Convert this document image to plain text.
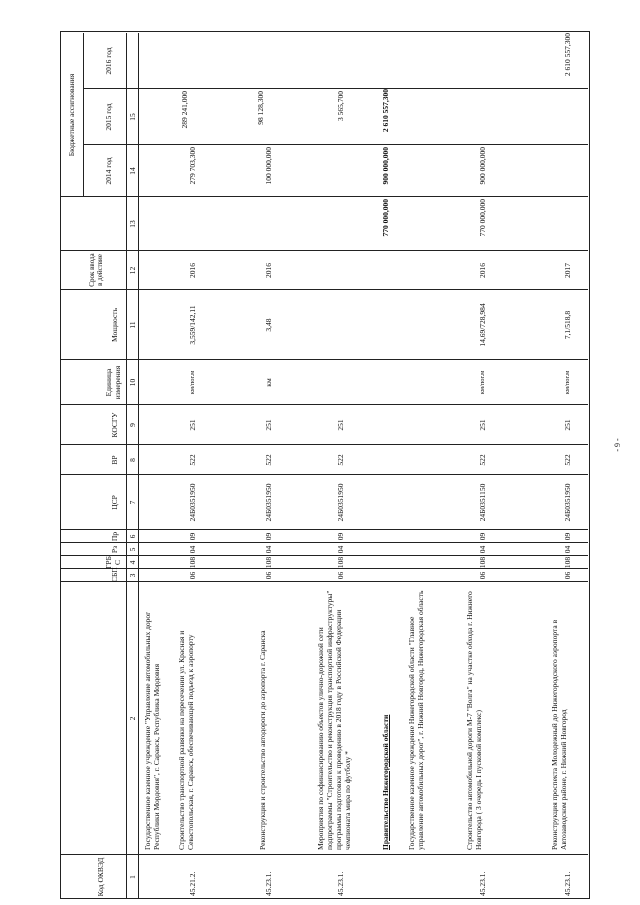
Код ОКВЭД
СБП
ГРБ С
Рз
Пр
ЦСР
ВР
КОСГУ
Единица измерения
Мощность
Срок ввода в действие
Бюджетные ассигнования
2014 год
2015 год
2016 год
1
2
3
4
5
6
7
8
9
10
11
12
13
14
15
Государственное казенное учреждение "Управление автомобильных дорог Республики Мордовия", г. Саранск, Республика Мордовия
45.21.2.
Строительство транспортной развязки на пересечении ул. Красная и Севастопольская, г. Саранск, обеспечивающей подъезд к аэропорту
06
108
04
09
24Б0351950
522
251
км/пог.м
3,559/142,11
2016
279 703,300
289 241,000
45.23.1.
Реконструкция и строительство автодороги до аэропорта г. Саранска
06
108
04
09
24Б0351950
522
251
км
3,48
2016
100 000,000
98 128,300
45.23.1.
Мероприятия по софинансированию объектов улично-дорожной сети подпрограммы "Строительство и реконструкция транспортной инфраструктуры" программы подготовки к проведению в 2018 году в Российской Федерации чемпионата мира по футболу *
06
108
04
09
24Б0351950
522
251
3 565,700
Правительство Нижегородской области
770 000,000
900 000,000
2 610 557,300
Государственное казенное учреждение Нижегородской области "Главное управление автомобильных дорог", г. Нижний Новгород, Нижегородская область
45.23.1.
Строительство автомобильной дороги М-7 "Волга" на участке обхода г. Нижнего Новгорода ( 3 очередь I пусковой комплекс)
06
108
04
09
24Б0351150
522
251
км/пог.м
14,69/728,984
2016
770 000,000
900 000,000
45.23.1.
Реконструкция проспекта Молодежный до Нижегородского аэропорта в Автозаводском районе, г. Нижний Новгород
06
108
04
09
24Б0351950
522
251
км/пог.м
7,1/518,8
2017
2 610 557,300
- 9 -
